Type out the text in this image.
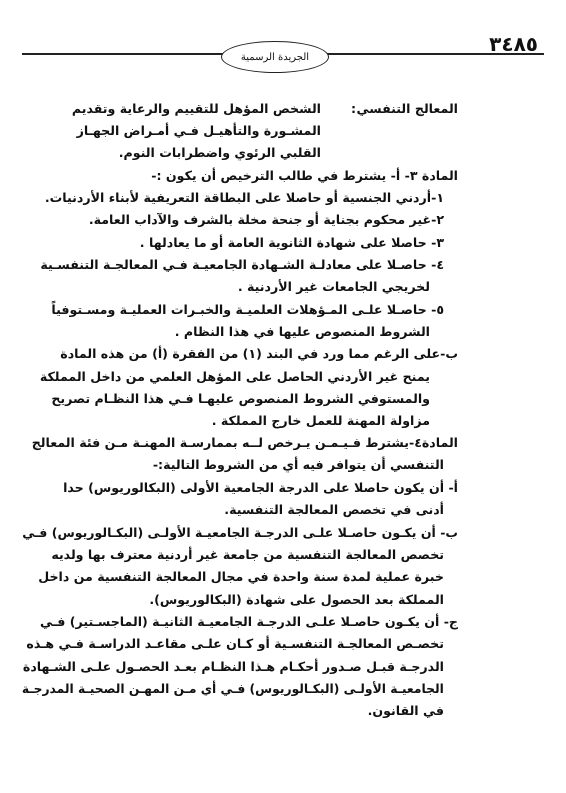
٣٤٨٥
الجريدة الرسمية
المعالج التنفسي
:
الشخص المؤهل للتقييم والرعاية وتقديم
المشـورة والتأهيـل فـي أمـراض الجهـاز
القلبي الرئوي واضطرابات النوم.
المادة ٣- أ- يشترط في طالب الترخيص أن يكون :-
١-أردني الجنسية أو حاصلا على البطاقة التعريفية لأبناء الأردنيات.
٢-غير محكوم بجناية أو جنحة مخلة بالشرف والآداب العامة.
٣- حاصلا على شهادة الثانوية العامة أو ما يعادلها .
٤- حاصـلا على معادلـة الشـهادة الجامعيـة فـي المعالجـة التنفسـية
لخريجي الجامعات غير الأردنية .
٥- حاصـلا علـى المـؤهلات العلميـة والخبـرات العمليـة ومسـتوفياً
الشروط المنصوص عليها في هذا النظام .
ب-على الرغم مما ورد في البند (١) من الفقرة (أ) من هذه المادة
يمنح غير الأردني الحاصل على المؤهل العلمي من داخل المملكة
والمستوفي الشروط المنصوص عليهـا فـي هذا النظـام تصريح
مزاولة المهنة للعمل خارج المملكة .
المادة٤-يشترط فـيـمـن يـرخص لــه بممارسـة المهنـة مـن فئة المعالج
التنفسي أن يتوافر فيه أي من الشروط التالية:-
أ- أن يكون حاصلا على الدرجة الجامعية الأولى (البكالوريوس) حدا
أدنى في تخصص المعالجة التنفسية.
ب- أن يكـون حاصـلا علـى الدرجـة الجامعيـة الأولـى (البكـالوريوس) فـي
تخصص المعالجة التنفسية من جامعة غير أردنية معترف بها ولديه
خبرة عملية لمدة سنة واحدة في مجال المعالجة التنفسية من داخل
المملكة بعد الحصول على شهادة (البكالوريوس).
ج- أن يكـون حاصـلا علـى الدرجـة الجامعيـة الثانيـة (الماجسـتير) فـي
تخصـص المعالجـة التنفسـية أو كـان علـى مقاعـد الدراسـة فـي هـذه
الدرجـة قبـل صـدور أحكـام هـذا النظـام بعـد الحصـول علـى الشـهادة
الجامعيـة الأولـى (البكـالوريوس) فـي أي مـن المهـن الصحيـة المدرجـة
في القانون.
